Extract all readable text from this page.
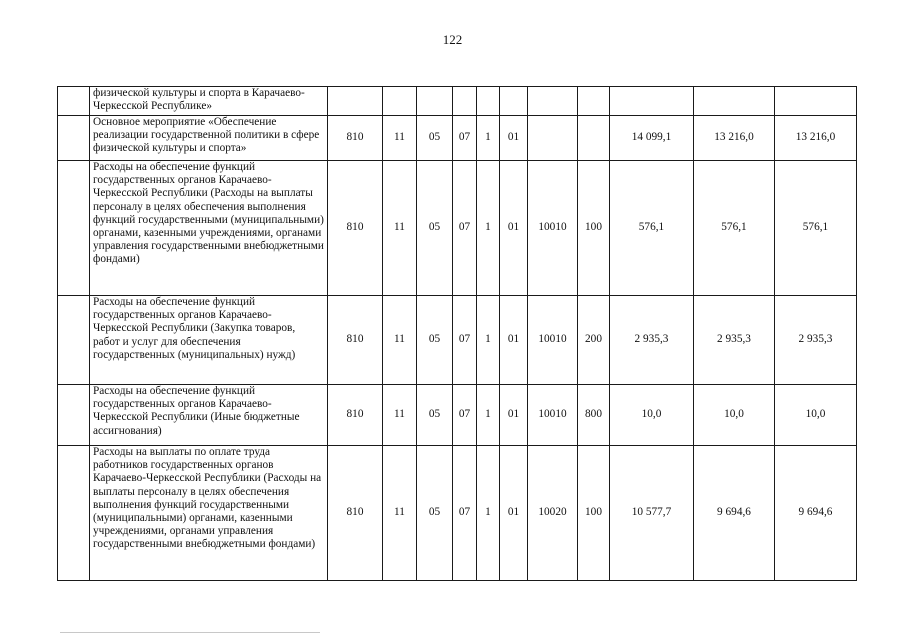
122
	физической культуры и спорта в Карачаево-Черкесской Республике»											
	Основное мероприятие «Обеспечение реализации государственной политики в сфере физической культуры и спорта»	810	11	05	07	1	01			14 099,1	13 216,0	13 216,0
	Расходы на обеспечение функций государственных органов Карачаево-Черкесской Республики (Расходы на выплаты персоналу в целях обеспечения выполнения функций государственными (муниципальными) органами, казенными учреждениями, органами управления государственными внебюджетными фондами)	810	11	05	07	1	01	10010	100	576,1	576,1	576,1
	Расходы на обеспечение функций государственных органов Карачаево-Черкесской Республики (Закупка товаров, работ и услуг для обеспечения государственных (муниципальных) нужд)	810	11	05	07	1	01	10010	200	2 935,3	2 935,3	2 935,3
	Расходы на обеспечение функций государственных органов Карачаево-Черкесской Республики (Иные бюджетные ассигнования)	810	11	05	07	1	01	10010	800	10,0	10,0	10,0
	Расходы на выплаты по оплате труда работников государственных органов Карачаево-Черкесской Республики (Расходы на выплаты персоналу в целях обеспечения выполнения функций государственными (муниципальными) органами, казенными учреждениями, органами управления государственными внебюджетными фондами)	810	11	05	07	1	01	10020	100	10 577,7	9 694,6	9 694,6
